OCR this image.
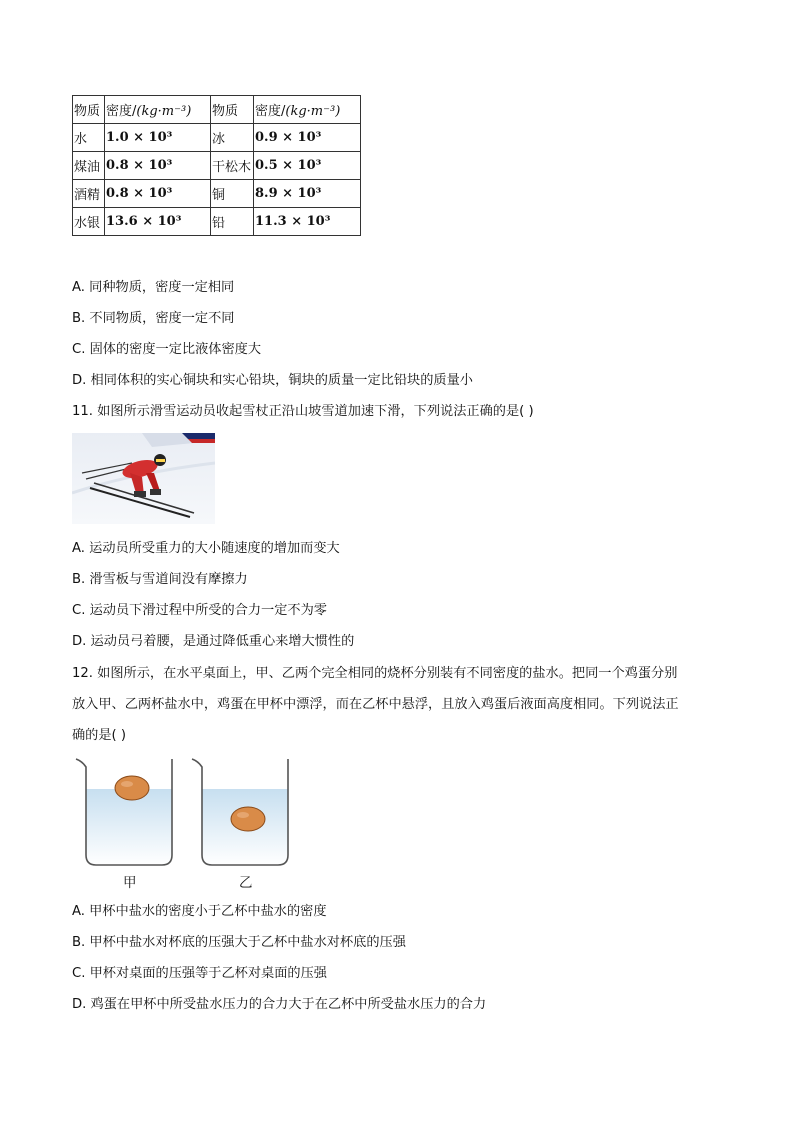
物质	密度/(kg·m⁻³)	物质	密度/(kg·m⁻³)
水	1.0 × 10³	冰	0.9 × 10³
煤油	0.8 × 10³	干松木	0.5 × 10³
酒精	0.8 × 10³	铜	8.9 × 10³
水银	13.6 × 10³	铅	11.3 × 10³
A. 同种物质，密度一定相同
B. 不同物质，密度一定不同
C. 固体的密度一定比液体密度大
D. 相同体积的实心铜块和实心铅块，铜块的质量一定比铅块的质量小
11. 如图所示滑雪运动员收起雪杖正沿山坡雪道加速下滑，下列说法正确的是( )
A. 运动员所受重力的大小随速度的增加而变大
B. 滑雪板与雪道间没有摩擦力
C. 运动员下滑过程中所受的合力一定不为零
D. 运动员弓着腰，是通过降低重心来增大惯性的
12. 如图所示，在水平桌面上，甲、乙两个完全相同的烧杯分别装有不同密度的盐水。把同一个鸡蛋分别
放入甲、乙两杯盐水中，鸡蛋在甲杯中漂浮，而在乙杯中悬浮，且放入鸡蛋后液面高度相同。下列说法正
确的是( )
甲	乙
A. 甲杯中盐水的密度小于乙杯中盐水的密度
B. 甲杯中盐水对杯底的压强大于乙杯中盐水对杯底的压强
C. 甲杯对桌面的压强等于乙杯对桌面的压强
D. 鸡蛋在甲杯中所受盐水压力的合力大于在乙杯中所受盐水压力的合力
